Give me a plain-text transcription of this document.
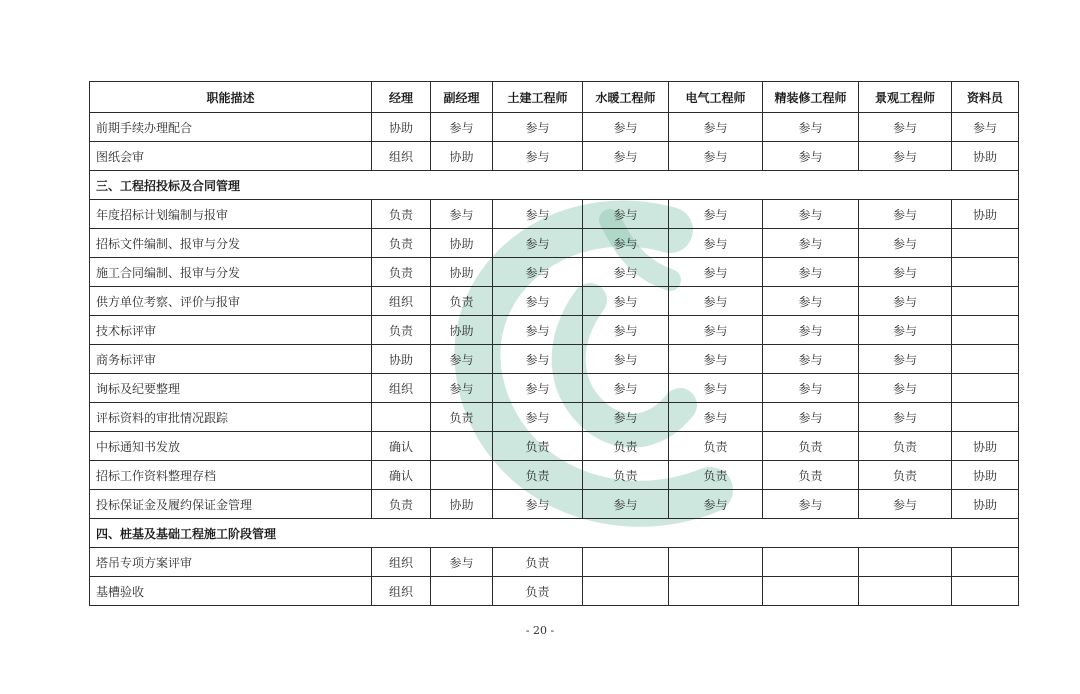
职能描述	经理	副经理	土建工程师	水暖工程师	电气工程师	精装修工程师	景观工程师	资料员
前期手续办理配合	协助	参与	参与	参与	参与	参与	参与	参与
图纸会审	组织	协助	参与	参与	参与	参与	参与	协助
三、工程招投标及合同管理								
年度招标计划编制与报审	负责	参与	参与	参与	参与	参与	参与	协助
招标文件编制、报审与分发	负责	协助	参与	参与	参与	参与	参与	
施工合同编制、报审与分发	负责	协助	参与	参与	参与	参与	参与	
供方单位考察、评价与报审	组织	负责	参与	参与	参与	参与	参与	
技术标评审	负责	协助	参与	参与	参与	参与	参与	
商务标评审	协助	参与	参与	参与	参与	参与	参与	
询标及纪要整理	组织	参与	参与	参与	参与	参与	参与	
评标资料的审批情况跟踪		负责	参与	参与	参与	参与	参与	
中标通知书发放	确认		负责	负责	负责	负责	负责	协助
招标工作资料整理存档	确认		负责	负责	负责	负责	负责	协助
投标保证金及履约保证金管理	负责	协助	参与	参与	参与	参与	参与	协助
四、桩基及基础工程施工阶段管理								
塔吊专项方案评审	组织	参与	负责					
基槽验收	组织		负责					
- 20 -
